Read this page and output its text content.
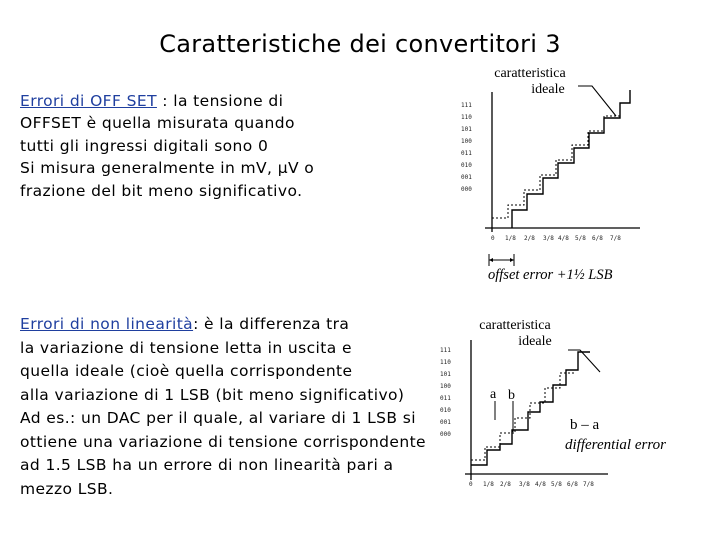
Caratteristiche dei convertitori 3
Errori di OFF SET : la tensione di
OFFSET è quella misurata quando
tutti gli ingressi digitali sono 0
Si misura generalmente in mV, µV o
frazione del bit meno significativo.
Errori di non linearità: è la differenza tra
la variazione di tensione letta in uscita e
quella ideale (cioè quella corrispondente
alla variazione di 1 LSB (bit meno significativo)
Ad es.: un DAC per il quale, al variare di 1 LSB si
ottiene una variazione di tensione corrispondente
ad 1.5 LSB ha un errore di non linearità pari a
mezzo LSB.
caratteristica
ideale
offset error +1½ LSB
caratteristica
ideale
a b
b – a
differential error
111
110
101
100
011
010
001
000
0 1/8 2/8 3/8 4/8 5/8 6/8 7/8
111
110
101
100
011
010
001
000
0 1/8 2/8 3/8 4/8 5/8 6/8 7/8
